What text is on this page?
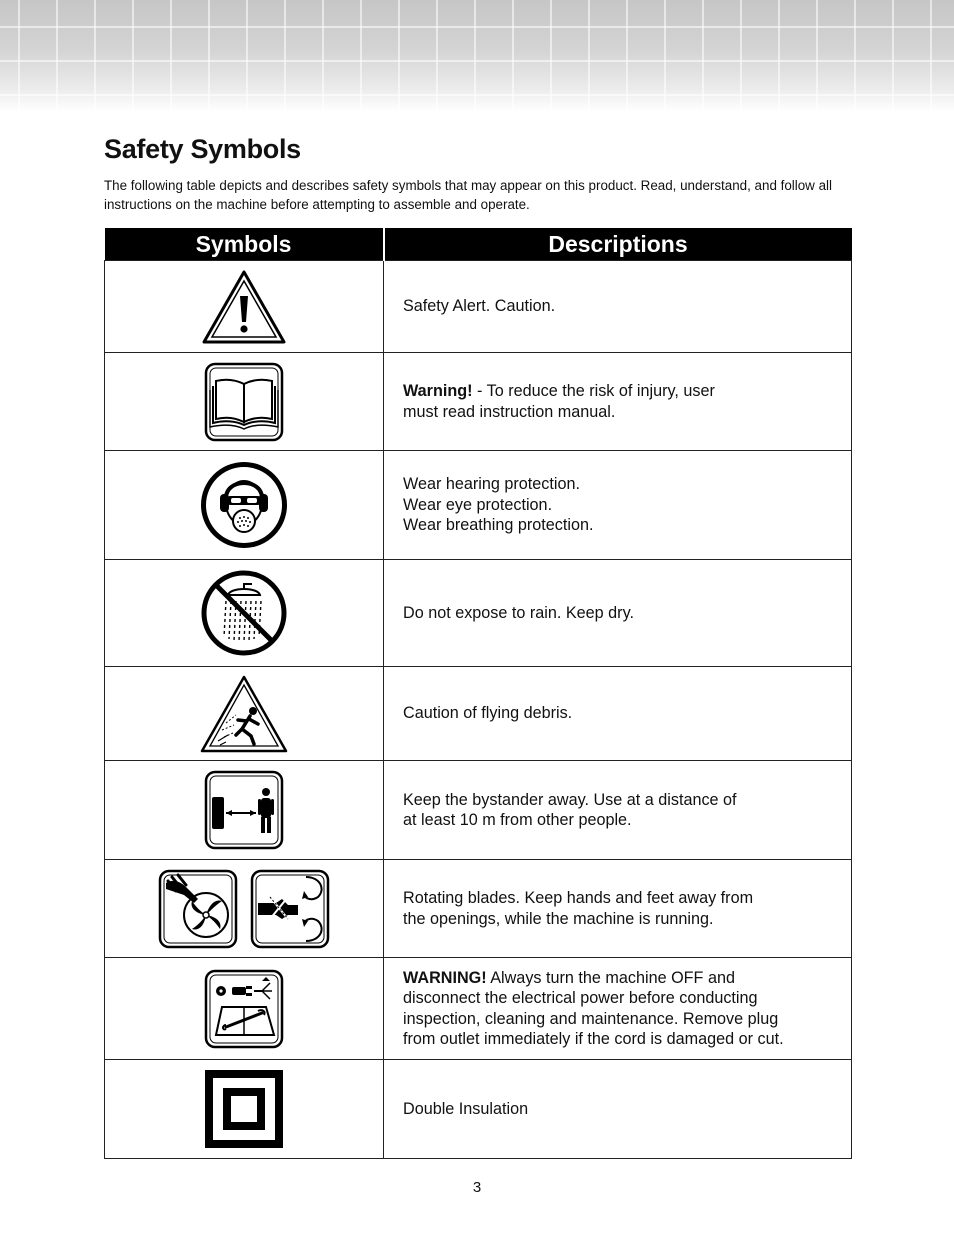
Safety Symbols

The following table depicts and describes safety symbols that may appear on this product. Read, understand, and follow all instructions on the machine before attempting to assemble and operate.

Symbols	Descriptions

Safety Alert. Caution.

Warning! - To reduce the risk of injury, user
must read instruction manual.

Wear hearing protection.
Wear eye protection.
Wear breathing protection.

Do not expose to rain. Keep dry.

Caution of flying debris.

Keep the bystander away. Use at a distance of
at least 10 m from other people.

Rotating blades. Keep hands and feet away from
the openings, while the machine is running.

WARNING! Always turn the machine OFF and
disconnect the electrical power before conducting
inspection, cleaning and maintenance. Remove plug
from outlet immediately if the cord is damaged or cut.

Double Insulation
3
